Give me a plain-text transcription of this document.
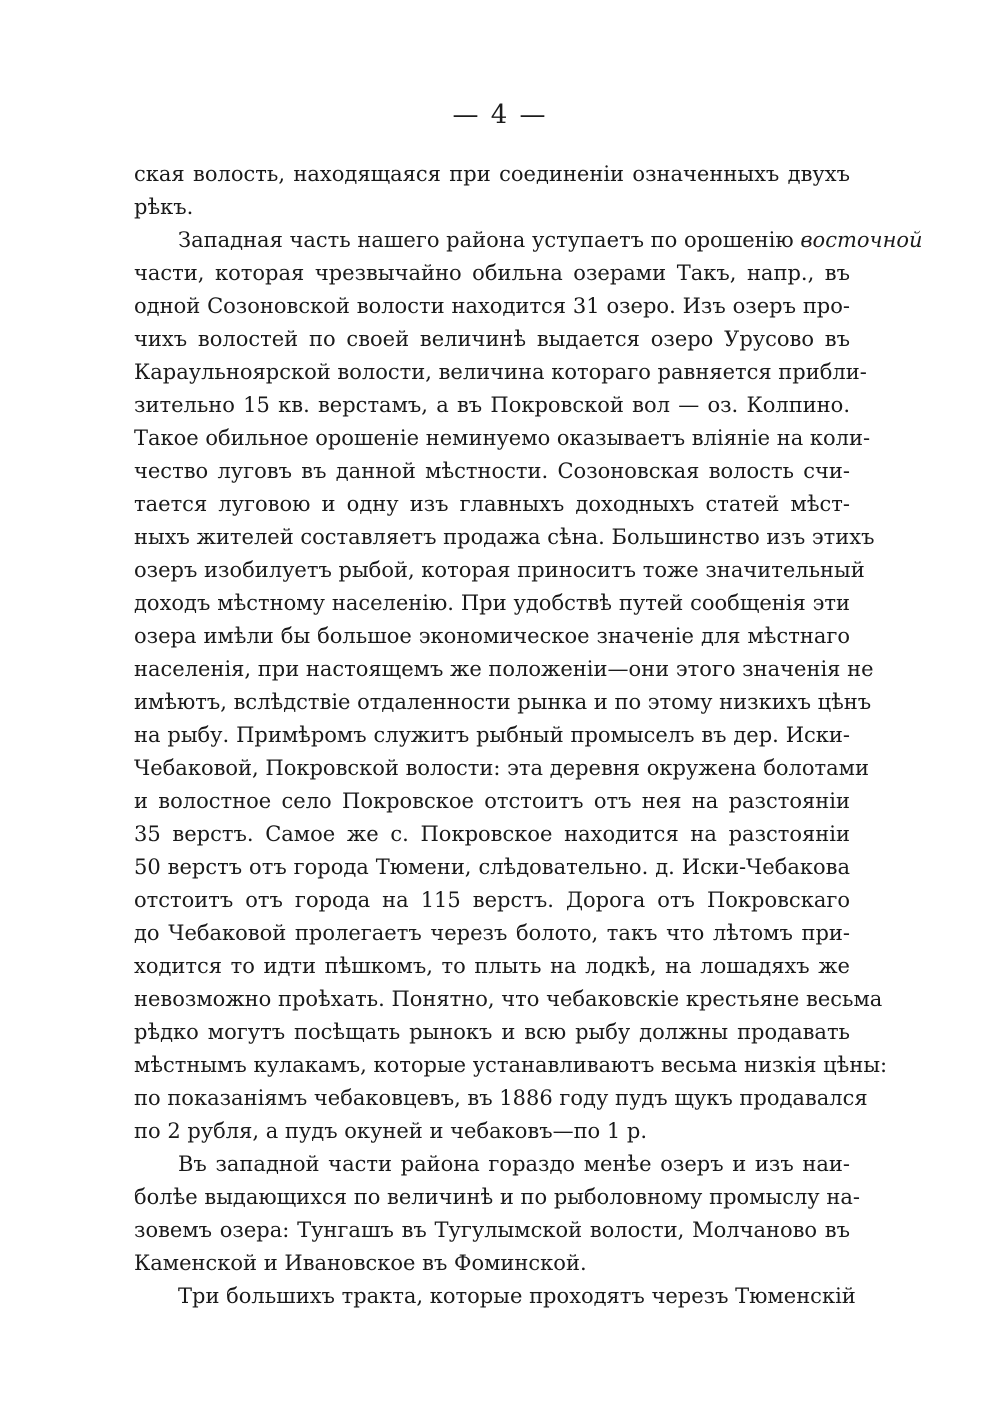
— 4 —
ская волость, находящаяся при соединеніи означенныхъ двухъ
рѣкъ.
Западная часть нашего района уступаетъ по орошенію восточной
части, которая чрезвычайно обильна озерами Такъ, напр., въ
одной Созоновской волости находится 31 озеро. Изъ озеръ про-
чихъ волостей по своей величинѣ выдается озеро Урусово въ
Караульноярской волости, величина котораго равняется прибли-
зительно 15 кв. верстамъ, а въ Покровской вол — оз. Колпино.
Такое обильное орошеніе неминуемо оказываетъ вліяніе на коли-
чество луговъ въ данной мѣстности. Созоновская волость счи-
тается луговою и одну изъ главныхъ доходныхъ статей мѣст-
ныхъ жителей составляетъ продажа сѣна. Большинство изъ этихъ
озеръ изобилуетъ рыбой, которая приноситъ тоже значительный
доходъ мѣстному населенію. При удобствѣ путей сообщенія эти
озера имѣли бы большое экономическое значеніе для мѣстнаго
населенія, при настоящемъ же положеніи—они этого значенія не
имѣютъ, вслѣдствіе отдаленности рынка и по этому низкихъ цѣнъ
на рыбу. Примѣромъ служитъ рыбный промыселъ въ дер. Иски-
Чебаковой, Покровской волости: эта деревня окружена болотами
и волостное село Покровское отстоитъ отъ нея на разстояніи
35 верстъ. Самое же с. Покровское находится на разстояніи
50 верстъ отъ города Тюмени, слѣдовательно. д. Иски-Чебакова
отстоитъ отъ города на 115 верстъ. Дорога отъ Покровскаго
до Чебаковой пролегаетъ черезъ болото, такъ что лѣтомъ при-
ходится то идти пѣшкомъ, то плыть на лодкѣ, на лошадяхъ же
невозможно проѣхать. Понятно, что чебаковскіе крестьяне весьма
рѣдко могутъ посѣщать рынокъ и всю рыбу должны продавать
мѣстнымъ кулакамъ, которые устанавливаютъ весьма низкія цѣны:
по показаніямъ чебаковцевъ, въ 1886 году пудъ щукъ продавался
по 2 рубля, а пудъ окуней и чебаковъ—по 1 р.
Въ западной части района гораздо менѣе озеръ и изъ наи-
болѣе выдающихся по величинѣ и по рыболовному промыслу на-
зовемъ озера: Тунгашъ въ Тугулымской волости, Молчаново въ
Каменской и Ивановское въ Фоминской.
Три большихъ тракта, которые проходятъ черезъ Тюменскій
